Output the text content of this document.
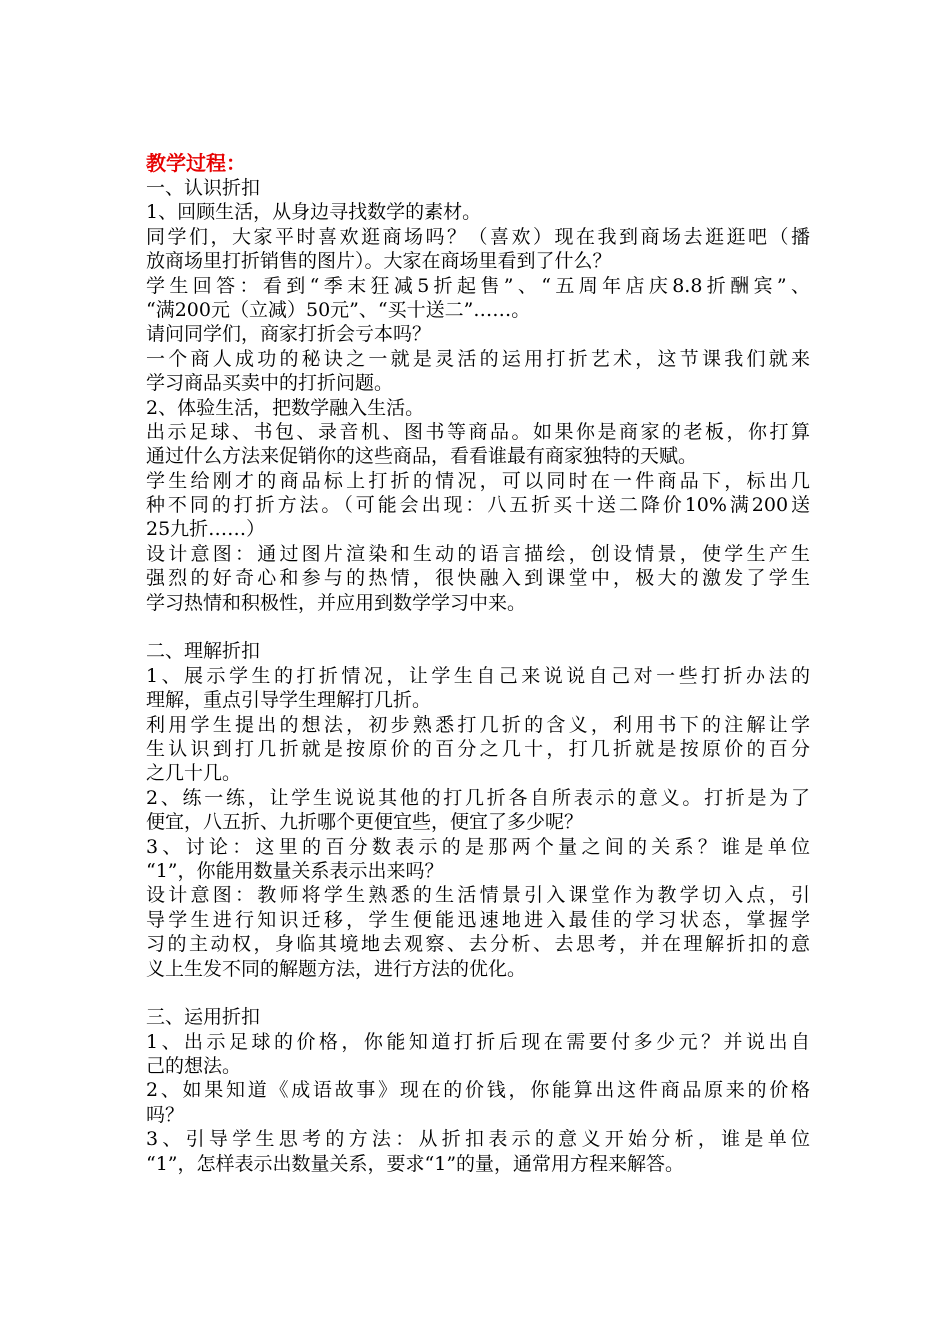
教学过程：
一、认识折扣
1、回顾生活，从身边寻找数学的素材。
同学们，大家平时喜欢逛商场吗？（喜欢）现在我到商场去逛逛吧（播
放商场里打折销售的图片）。大家在商场里看到了什么？
学生回答：看到“季末狂减5折起售”、“五周年店庆8.8折酬宾”、
“满200元（立减）50元”、“买十送二”……。
请问同学们，商家打折会亏本吗？
一个商人成功的秘诀之一就是灵活的运用打折艺术，这节课我们就来
学习商品买卖中的打折问题。
2、体验生活，把数学融入生活。
出示足球、书包、录音机、图书等商品。如果你是商家的老板，你打算
通过什么方法来促销你的这些商品，看看谁最有商家独特的天赋。
学生给刚才的商品标上打折的情况，可以同时在一件商品下，标出几
种不同的打折方法。（可能会出现：八五折买十送二降价10%满200送
25九折……）
设计意图：通过图片渲染和生动的语言描绘，创设情景，使学生产生
强烈的好奇心和参与的热情，很快融入到课堂中，极大的激发了学生
学习热情和积极性，并应用到数学学习中来。
二、理解折扣
1、展示学生的打折情况，让学生自己来说说自己对一些打折办法的
理解，重点引导学生理解打几折。
利用学生提出的想法，初步熟悉打几折的含义，利用书下的注解让学
生认识到打几折就是按原价的百分之几十，打几折就是按原价的百分
之几十几。
2、练一练，让学生说说其他的打几折各自所表示的意义。打折是为了
便宜，八五折、九折哪个更便宜些，便宜了多少呢？
3、讨论：这里的百分数表示的是那两个量之间的关系？谁是单位
“1”，你能用数量关系表示出来吗？
设计意图：教师将学生熟悉的生活情景引入课堂作为教学切入点，引
导学生进行知识迁移，学生便能迅速地进入最佳的学习状态，掌握学
习的主动权，身临其境地去观察、去分析、去思考，并在理解折扣的意
义上生发不同的解题方法，进行方法的优化。
三、运用折扣
1、出示足球的价格，你能知道打折后现在需要付多少元？并说出自
己的想法。
2、如果知道《成语故事》现在的价钱，你能算出这件商品原来的价格
吗？
3、引导学生思考的方法：从折扣表示的意义开始分析，谁是单位
“1”，怎样表示出数量关系，要求“1”的量，通常用方程来解答。
